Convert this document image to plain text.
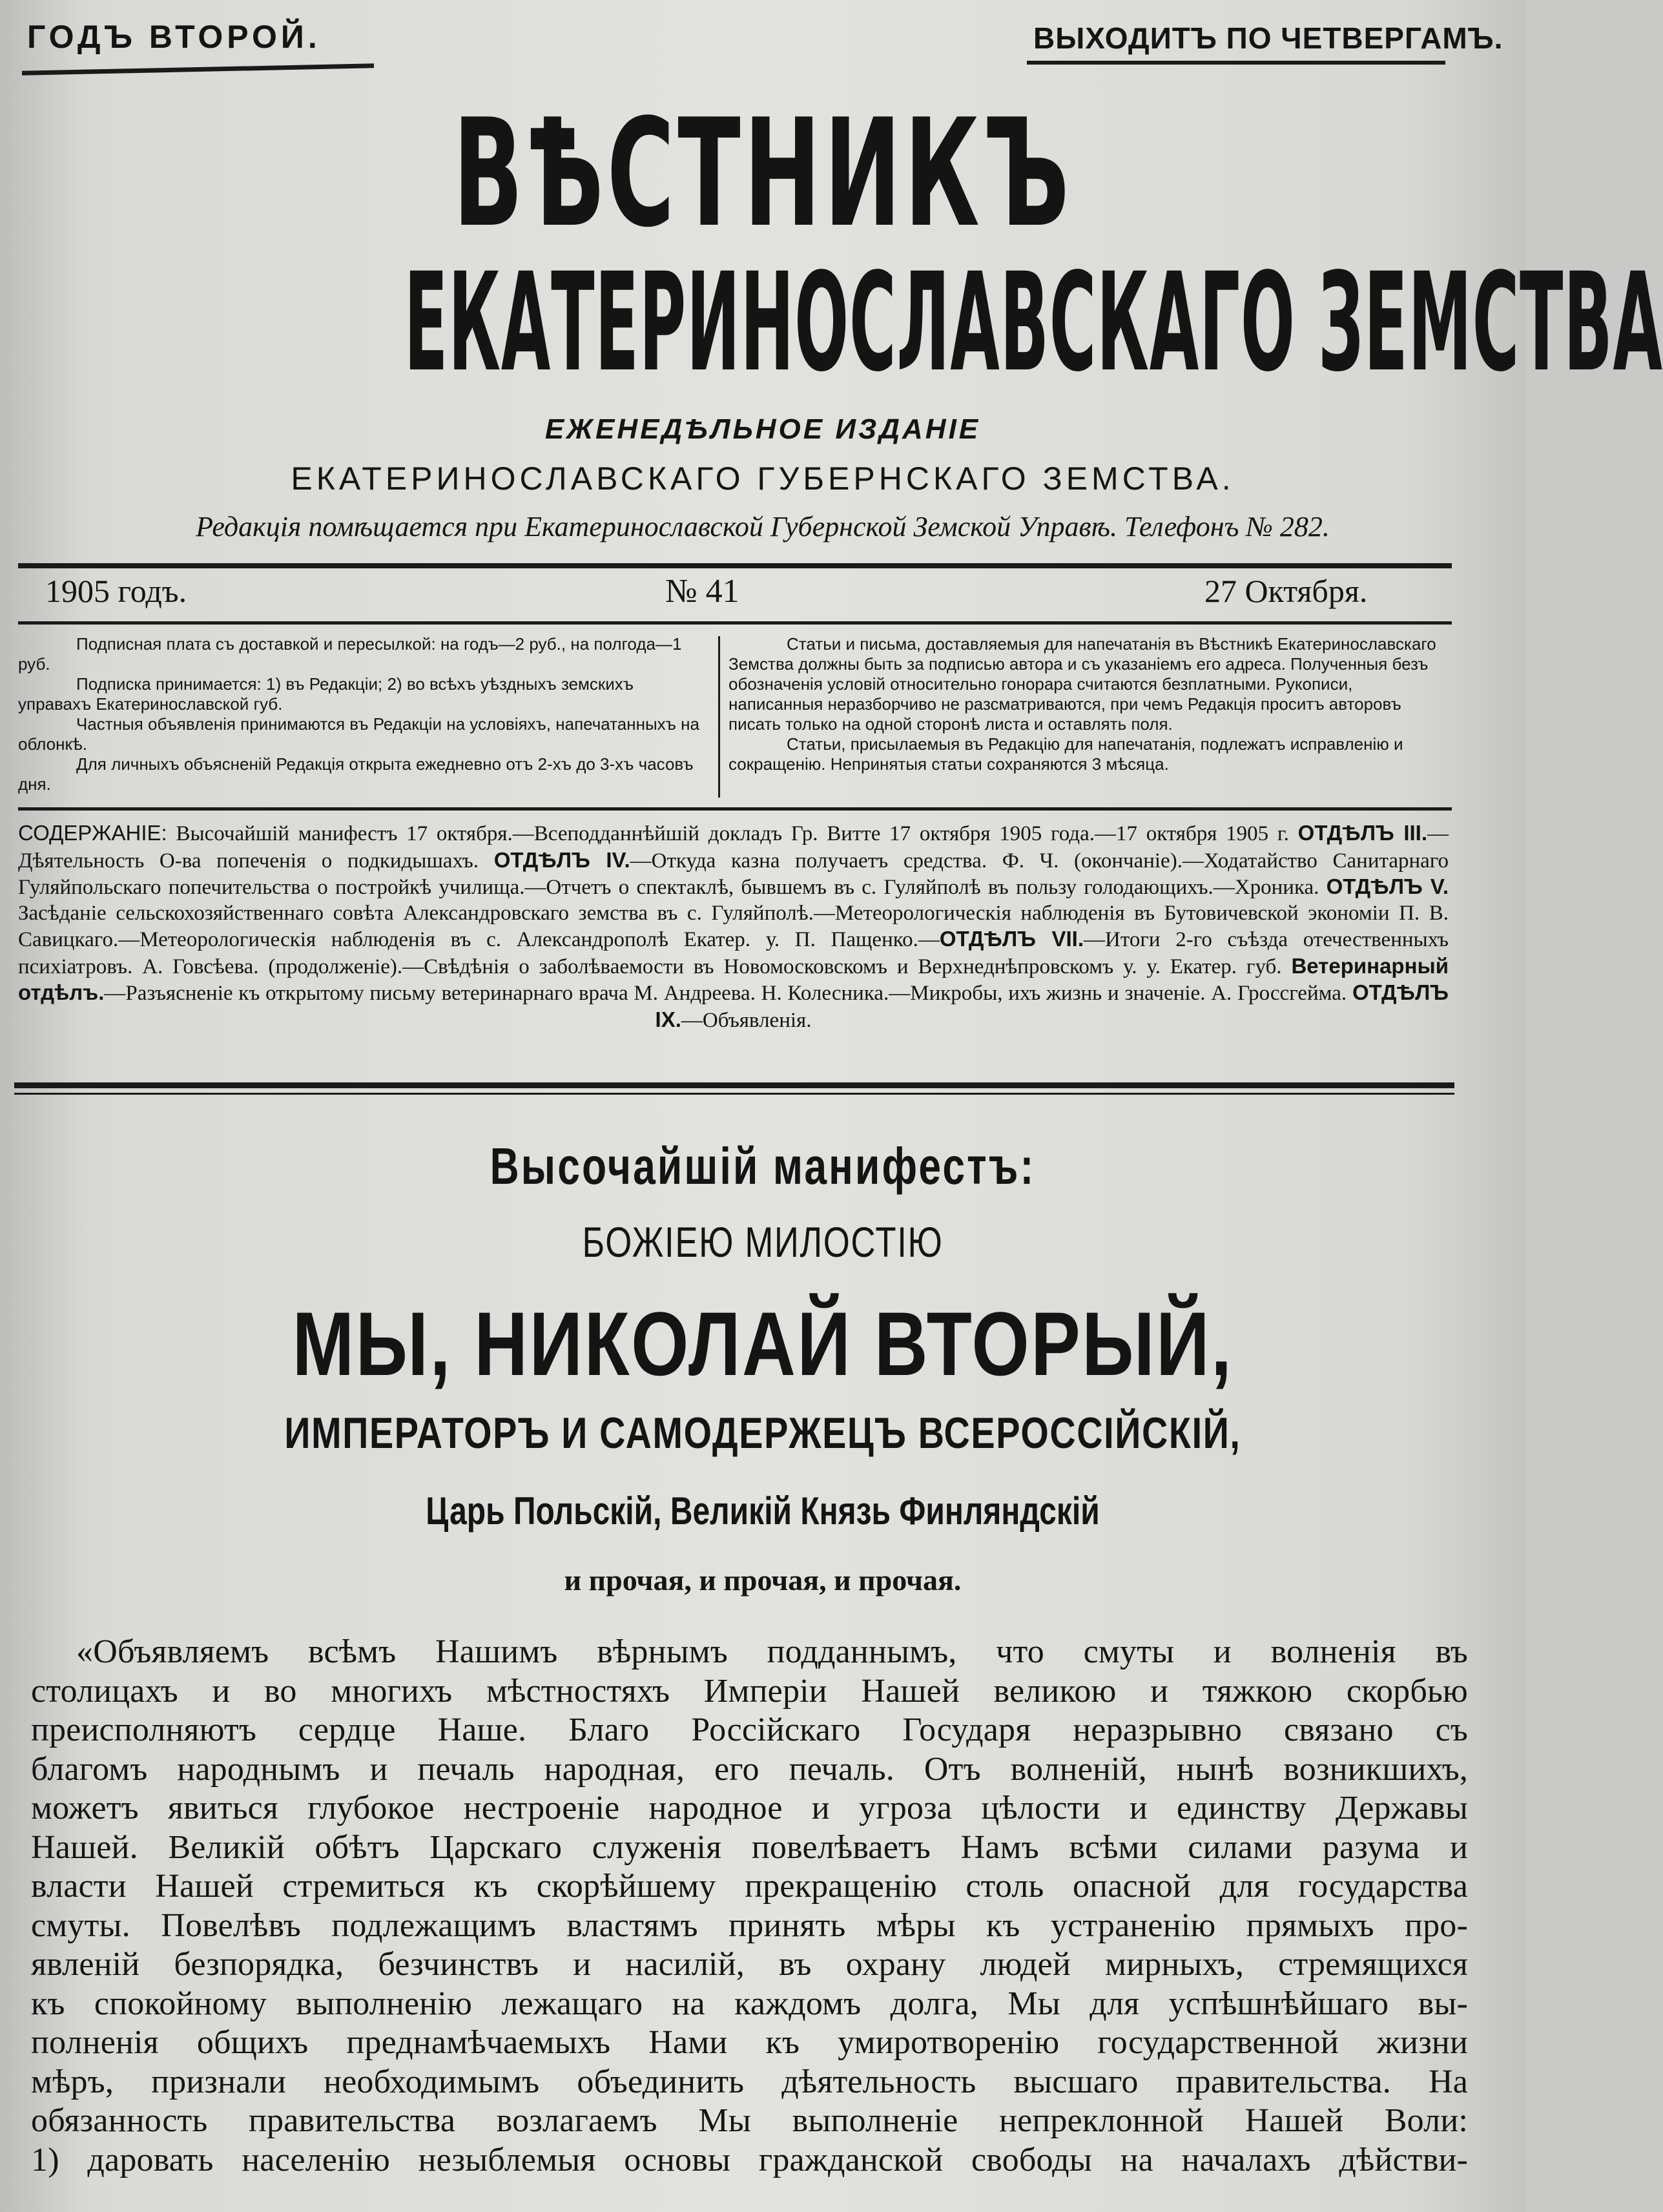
ГОДЪ ВТОРОЙ.	ВЫХОДИТЪ ПО ЧЕТВЕРГАМЪ.
ВѢСТНИКЪ
ЕКАТЕРИНОСЛАВСКАГО ЗЕМСТВА
ЕЖЕНЕДѢЛЬНОЕ ИЗДАНІЕ
ЕКАТЕРИНОСЛАВСКАГО ГУБЕРНСКАГО ЗЕМСТВА.
Редакція помѣщается при Екатеринославской Губернской Земской Управѣ. Телефонъ № 282.
1905 годъ.	№ 41	27 Октября.

Подписная плата съ доставкой и пересылкой: на годъ—2 руб., на полгода—1 руб.

Подписка принимается: 1) въ Редакціи; 2) во всѣхъ уѣздныхъ земскихъ управахъ Екатеринославской губ.

Частныя объявленія принимаются въ Редакціи на условіяхъ, напечатанныхъ на облонкѣ.

Для личныхъ объясненій Редакція открыта ежедневно отъ 2-хъ до 3-хъ часовъ дня.

Статьи и письма, доставляемыя для напечатанія въ Вѣстникѣ Екатеринославскаго Земства должны быть за подписью автора и съ указаніемъ его адреса. Полученныя безъ обозначенія условій относительно гонорара считаются безплатными. Рукописи, написанныя неразборчиво не разсматриваются, при чемъ Редакція проситъ авторовъ писать только на одной сторонѣ листа и оставлять поля.

Статьи, присылаемыя въ Редакцію для напечатанія, подлежатъ исправленію и сокращенію. Непринятыя статьи сохраняются 3 мѣсяца.

СОДЕРЖАНІЕ: Высочайшій манифестъ 17 октября.—Всеподданнѣйшій докладъ Гр. Витте 17 октября 1905 года.—17 октября 1905 г. ОТДѢЛЪ III.—Дѣятельность О-ва попеченія о подкидышахъ. ОТДѢЛЪ IV.—Откуда казна получаетъ средства. Ф. Ч. (окончаніе).—Ходатайство Санитарнаго Гуляйпольскаго попечительства о постройкѣ училища.—Отчетъ о спектаклѣ, бывшемъ въ с. Гуляйполѣ въ пользу голодающихъ.—Хроника. ОТДѢЛЪ V. Засѣданіе сельскохозяйственнаго совѣта Александровскаго земства въ с. Гуляйполѣ.—Метеорологическія наблюденія въ Бутовичевской экономіи П. В. Савицкаго.—Метеорологическія наблюденія въ с. Александрополѣ Екатер. у. П. Пащенко.—ОТДѢЛЪ VII.—Итоги 2-го съѣзда отечественныхъ психіатровъ. А. Говсѣева. (продолженіе).—Свѣдѣнія о заболѣваемости въ Новомосковскомъ и Верхнеднѣпровскомъ у. у. Екатер. губ. Ветеринарный отдѣлъ.—Разъясненіе къ открытому письму ветеринарнаго врача М. Андреева. Н. Колесника.—Микробы, ихъ жизнь и значеніе. А. Гроссгейма. ОТДѢЛЪ IX.—Объявленія.
Высочайшій манифестъ:
БОЖІЕЮ МИЛОСТІЮ
МЫ, НИКОЛАЙ ВТОРЫЙ,
ИМПЕРАТОРЪ И САМОДЕРЖЕЦЪ ВСЕРОССІЙСКІЙ,
Царь Польскій, Великій Князь Финляндскій
и прочая, и прочая, и прочая.
«Объявляемъ всѣмъ Нашимъ вѣрнымъ подданнымъ, что смуты и волненія въ
столицахъ и во многихъ мѣстностяхъ Имперіи Нашей великою и тяжкою скорбью
преисполняютъ сердце Наше. Благо Россійскаго Государя неразрывно связано съ
благомъ народнымъ и печаль народная, его печаль. Отъ волненій, нынѣ возникшихъ,
можетъ явиться глубокое нестроеніе народное и угроза цѣлости и единству Державы
Нашей. Великій обѣтъ Царскаго служенія повелѣваетъ Намъ всѣми силами разума и
власти Нашей стремиться къ скорѣйшему прекращенію столь опасной для государства
смуты. Повелѣвъ подлежащимъ властямъ принять мѣры къ устраненію прямыхъ про-
явленій безпорядка, безчинствъ и насилій, въ охрану людей мирныхъ, стремящихся
къ спокойному выполненію лежащаго на каждомъ долга, Мы для успѣшнѣйшаго вы-
полненія общихъ преднамѣчаемыхъ Нами къ умиротворенію государственной жизни
мѣръ, признали необходимымъ объединить дѣятельность высшаго правительства. На
обязанность правительства возлагаемъ Мы выполненіе непреклонной Нашей Воли:
1) даровать населенію незыблемыя основы гражданской свободы на началахъ дѣйстви-
